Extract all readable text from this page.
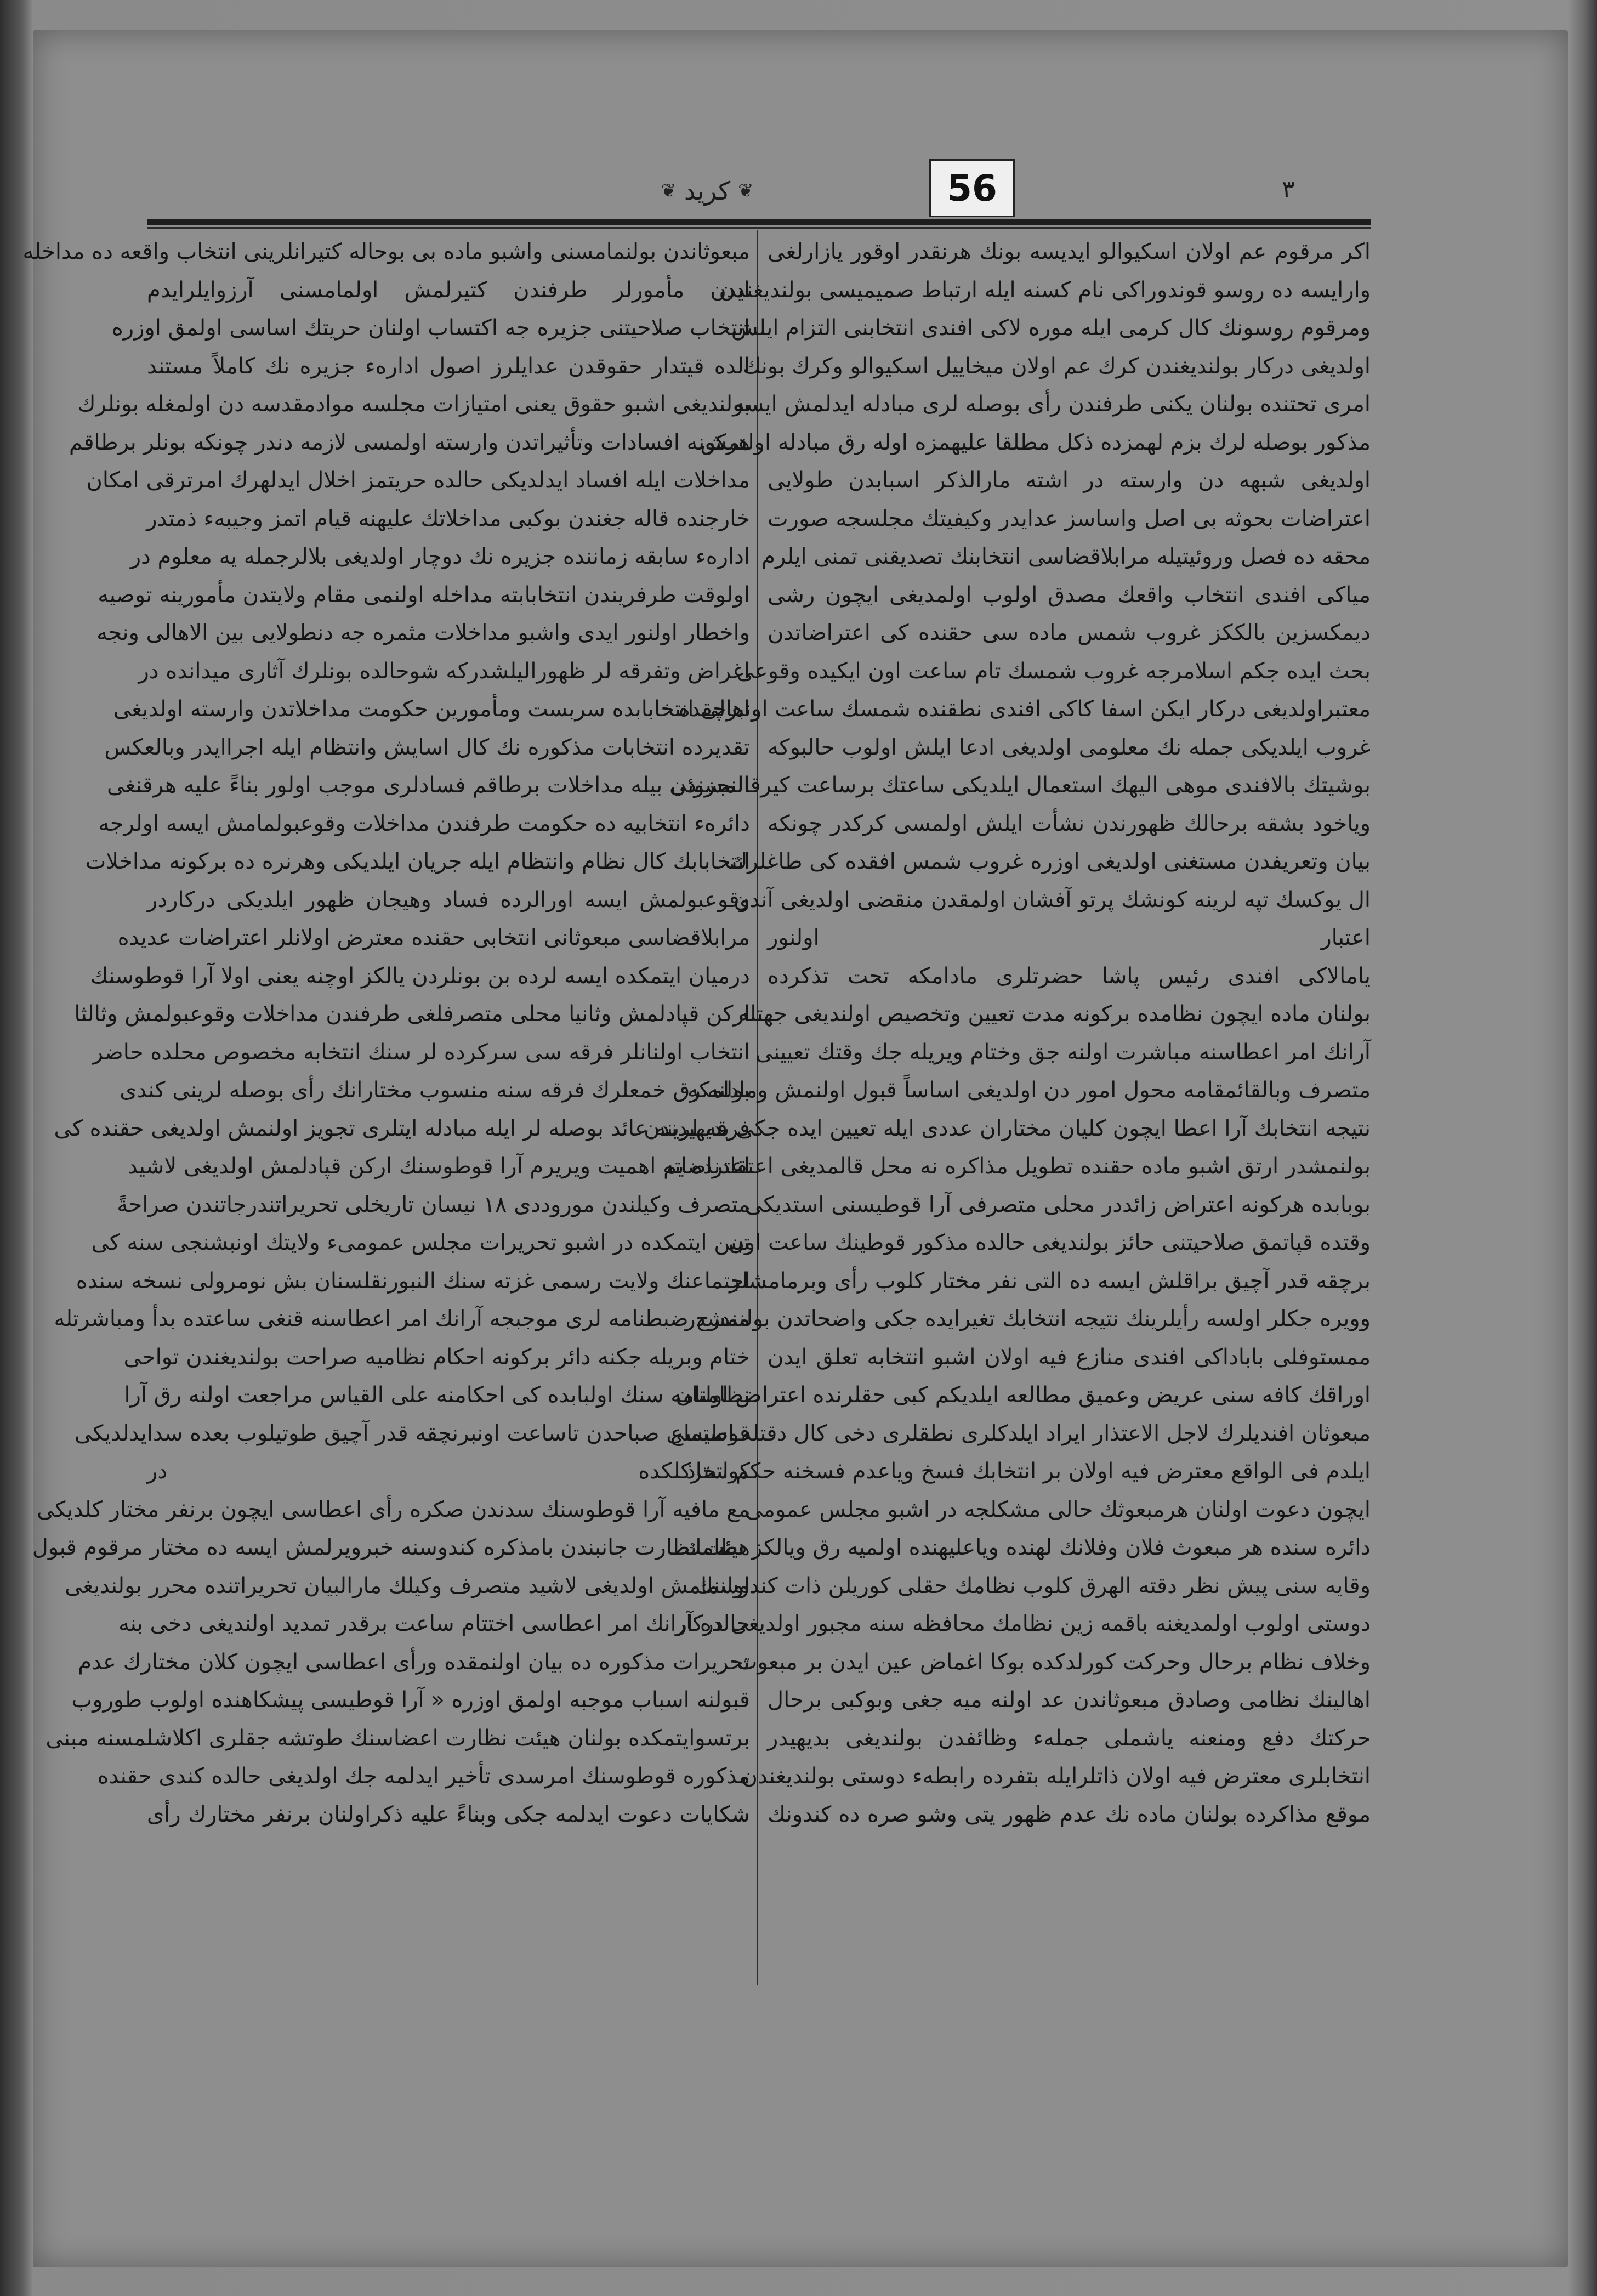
56
❦
کرید
❦	۳
اكر مرقوم عم اولان اسكيوالو ايديسه بونك هرنقدر اوقور يازارلغى
وارايسه ده روسو قوندوراكى نام كسنه ايله ارتباط صميميسى بولنديغندن
ومرقوم روسونك كال كرمى ايله موره لاكى افندى انتخابنى التزام ايلش
اولديغى دركار بولنديغندن كرك عم اولان ميخاييل اسكيوالو وكرك بونك
امرى تحتنده بولنان يكنى طرفندن رأى بوصله لرى مبادله ايدلمش ايسه
مذكور بوصله لرك بزم لهمزده ذكل مطلقا عليهمزه اوله رق مبادله اولنمش
اولديغى شبهه دن وارسته در اشته مارالذكر اسبابدن طولايى
اعتراضات بحوثه بى اصل واساسز عدايدر وكيفيتك مجلسجه صورت
محقه ده فصل وروئيتيله مرابلاقضاسى انتخابنك تصديقنى تمنى ايلرم
مياكى افندى انتخاب واقعك مصدق اولوب اولمديغى ايچون رشى
ديمكسزين بالككز غروب شمس ماده سى حقنده كى اعتراضاتدن
بحث ايده جكم اسلامرجه غروب شمسك تام ساعت اون ايكيده وقوعى
معتبراولديغى دركار ايكن اسفا كاكى افندى نطقنده شمسك ساعت اونبرچقده
غروب ايلديكى جمله نك معلومى اولديغى ادعا ايلش اولوب حالبوكه
بوشيتك بالافندى موهى اليهك استعمال ايلديكى ساعتك برساعت كيرقالمسندن
وياخود بشقه برحالك ظهورندن نشأت ايلش اولمسى كركدر چونكه
بيان وتعريفدن مستغنى اولديغى اوزره غروب شمس افقده كى طاغلرك
ال يوكسك تپه لرينه كونشك پرتو آفشان اولمقدن منقضى اولديغى آندن
اعتبار اولنور
يامالاكى افندى رئيس پاشا حضرتلرى مادامكه تحت تذكرده
بولنان ماده ايچون نظامده بركونه مدت تعيين وتخصيص اولنديغى جهتله
آرانك امر اعطاسنه مباشرت اولنه جق وختام ويريله جك وقتك تعيينى
متصرف وبالقائمقامه محول امور دن اولديغى اساساً قبول اولنمش ومادامكه
نتيجه انتخابك آرا اعطا ايچون كليان مختاران عددى ايله تعيين ايده جكى بديهيدندن
بولنمشدر ارتق اشبو ماده حقنده تطويل مذاكره نه محل قالمديغى اعتقادنده يم
بوبابده هركونه اعتراض زائددر محلى متصرفى آرا قوطيسنى استديكى
وقتده قپاتمق صلاحيتنى حائز بولنديغى حالده مذكور قوطينك ساعت اون
برچقه قدر آچيق براقلش ايسه ده التى نفر مختار كلوب رأى وبرمامشلر
وويره جكلر اولسه رأيلرينك نتيجه انتخابك تغيرايده جكى واضحاتدن بولنمشدر
ممستوفلى باباداكى افندى منازع فيه اولان اشبو انتخابه تعلق ايدن
اوراقك كافه سنى عريض وعميق مطالعه ايلديكم كبى حقلرنده اعتراض اولنان
مبعوثان افنديلرك لاجل الاعتذار ايراد ايلدكلرى نطقلرى دخى كال دقتله استماع
ايلدم فى الواقع معترض فيه اولان بر انتخابك فسخ وياعدم فسخنه حكم اتخاذ
ايچون دعوت اولنان هرمبعوثك حالى مشكلجه در اشبو مجلس عمومى
دائره سنده هر مبعوث فلان وفلانك لهنده وياعليهنده اولميه رق ويالكز نظامك
وقايه سنى پيش نظر دقته الهرق كلوب نظامك حقلى كوريلن ذات كندوسنك
دوستى اولوب اولمديغنه باقمه زين نظامك محافظه سنه مجبور اولديغى دركار
وخلاف نظام برحال وحركت كورلدكده بوكا اغماض عين ايدن بر مبعوث
اهالينك نظامى وصادق مبعوثاندن عد اولنه ميه جغى وبوكبى برحال
حركتك دفع ومنعنه ياشملى جملهء وظائفدن بولنديغى بديهيدر
انتخابلرى معترض فيه اولان ذاتلرايله بتفرده رابطهء دوستى بولنديغندن
موقع مذاكرده بولنان ماده نك عدم ظهور يتى وشو صره ده كندونك
مبعوثاندن بولنمامسنى واشبو ماده بى بوحاله كتيرانلرينى انتخاب واقعه ده مداخله
ايدن مأمورلر طرفندن كتيرلمش اولمامسنى آرزوايلرايدم
انتخاب صلاحيتنى جزيره جه اكتساب اولنان حريتك اساسى اولمق اوزره
الده قيتدار حقوقدن عدايلرز اصول ادارهء جزيره نك كاملاً مستند
بولنديغى اشبو حقوق يعنى امتيازات مجلسه موادمقدسه دن اولمغله بونلرك
هركونه افسادات وتأثيراتدن وارسته اولمسى لازمه دندر چونكه بونلر برطاقم
مداخلات ايله افساد ايدلديكى حالده حريتمز اخلال ايدلهرك امرترقى امكان
خارجنده قاله جغندن بوكبى مداخلاتك عليهنه قيام اتمز وجيبهء ذمتدر
ادارهء سابقه زماننده جزيره نك دوچار اولديغى بلالرجمله يه معلوم در
اولوقت طرفريندن انتخابابته مداخله اولنمى مقام ولايتدن مأمورينه توصيه
واخطار اولنور ايدى واشبو مداخلات مثمره جه دنطولايى بين الاهالى ونجه
اغراض وتفرقه لر ظهوراليلشدركه شوحالده بونلرك آثارى ميدانده در
اهالى انتخابابده سربست ومأمورين حكومت مداخلاتدن وارسته اولديغى
تقديرده انتخابات مذكوره نك كال اسايش وانتظام ايله اجراايدر وبالعكس
النجزوئى بيله مداخلات برطاقم فسادلرى موجب اولور بناءً عليه هرقنغى
دائرهء انتخابيه ده حكومت طرفندن مداخلات وقوعبولمامش ايسه اولرجه
انتخابابك كال نظام وانتظام ايله جريان ايلديكى وهرنره ده بركونه مداخلات
وقوعبولمش ايسه اورالرده فساد وهيجان ظهور ايلديكى دركاردر
مرابلاقضاسى مبعوثانى انتخابى حقنده معترض اولانلر اعتراضات عديده
درميان ايتمكده ايسه لرده بن بونلردن يالكز اوچنه يعنى اولا آرا قوطوسنك
اركن قپادلمش وثانيا محلى متصرفلغى طرفندن مداخلات وقوعبولمش وثالثا
انتخاب اولنانلر فرقه سى سركرده لر سنك انتخابه مخصوص محلده حاضر
بولنه رق خمعلرك فرقه سنه منسوب مختارانك رأى بوصله لرينى كندى
فرقه لرينه عائد بوصله لر ايله مبادله ايتلرى تجويز اولنمش اولديغى حقنده كى
اعتراضاته اهميت ويريرم آرا قوطوسنك اركن قپادلمش اولديغى لاشيد
متصرف وكيلندن موروددى ١٨ نيسان تاريخلى تحريراتندرجاتندن صراحةً
تبين ايتمكده در اشبو تحريرات مجلس عمومىء ولايتك اونبشنجى سنه كى
اجتماعنك ولايت رسمى غزته سنك النبورنقلسنان بش نومرولى نسخه سنده
مندرج ضبطنامه لرى موجبجه آرانك امر اعطاسنه قنغى ساعتده بدأ ومباشرتله
ختام وبريله جكنه دائر بركونه احكام نظاميه صراحت بولنديغندن تواحى
نظامنامه سنك اولبابده كى احكامنه على القياس مراجعت اولنه رق آرا
قوطيسى صباحدن تاساعت اونبرنچقه قدر آچيق طوتيلوب بعده سدايدلديكى
كوستركلكده در
مع مافيه آرا قوطوسنك سدندن صكره رأى اعطاسى ايچون برنفر مختار كلديكى
هيئت نظارت جانبندن بامذكره كندوسنه خبرويرلمش ايسه ده مختار مرقوم قبول
اولنمامش اولديغى لاشيد متصرف وكيلك مارالبيان تحريراتنده محرر بولنديغى
حالده آرانك امر اعطاسى اختتام ساعت برقدر تمديد اولنديغى دخى بنه
تحريرات مذكوره ده بيان اولنمقده ورأى اعطاسى ايچون كلان مختارك عدم
قبولنه اسباب موجبه اولمق اوزره « آرا قوطيسى پيشكاهنده اولوب طوروب
برتسوايتمكده بولنان هيئت نظارت اعضاسنك طوتشه جقلرى اكلاشلمسنه مبنى
مذكوره قوطوسنك امرسدى تأخير ايدلمه جك اولديغى حالده كندى حقنده
شكايات دعوت ايدلمه جكى وبناءً عليه ذكراولنان برنفر مختارك رأى
